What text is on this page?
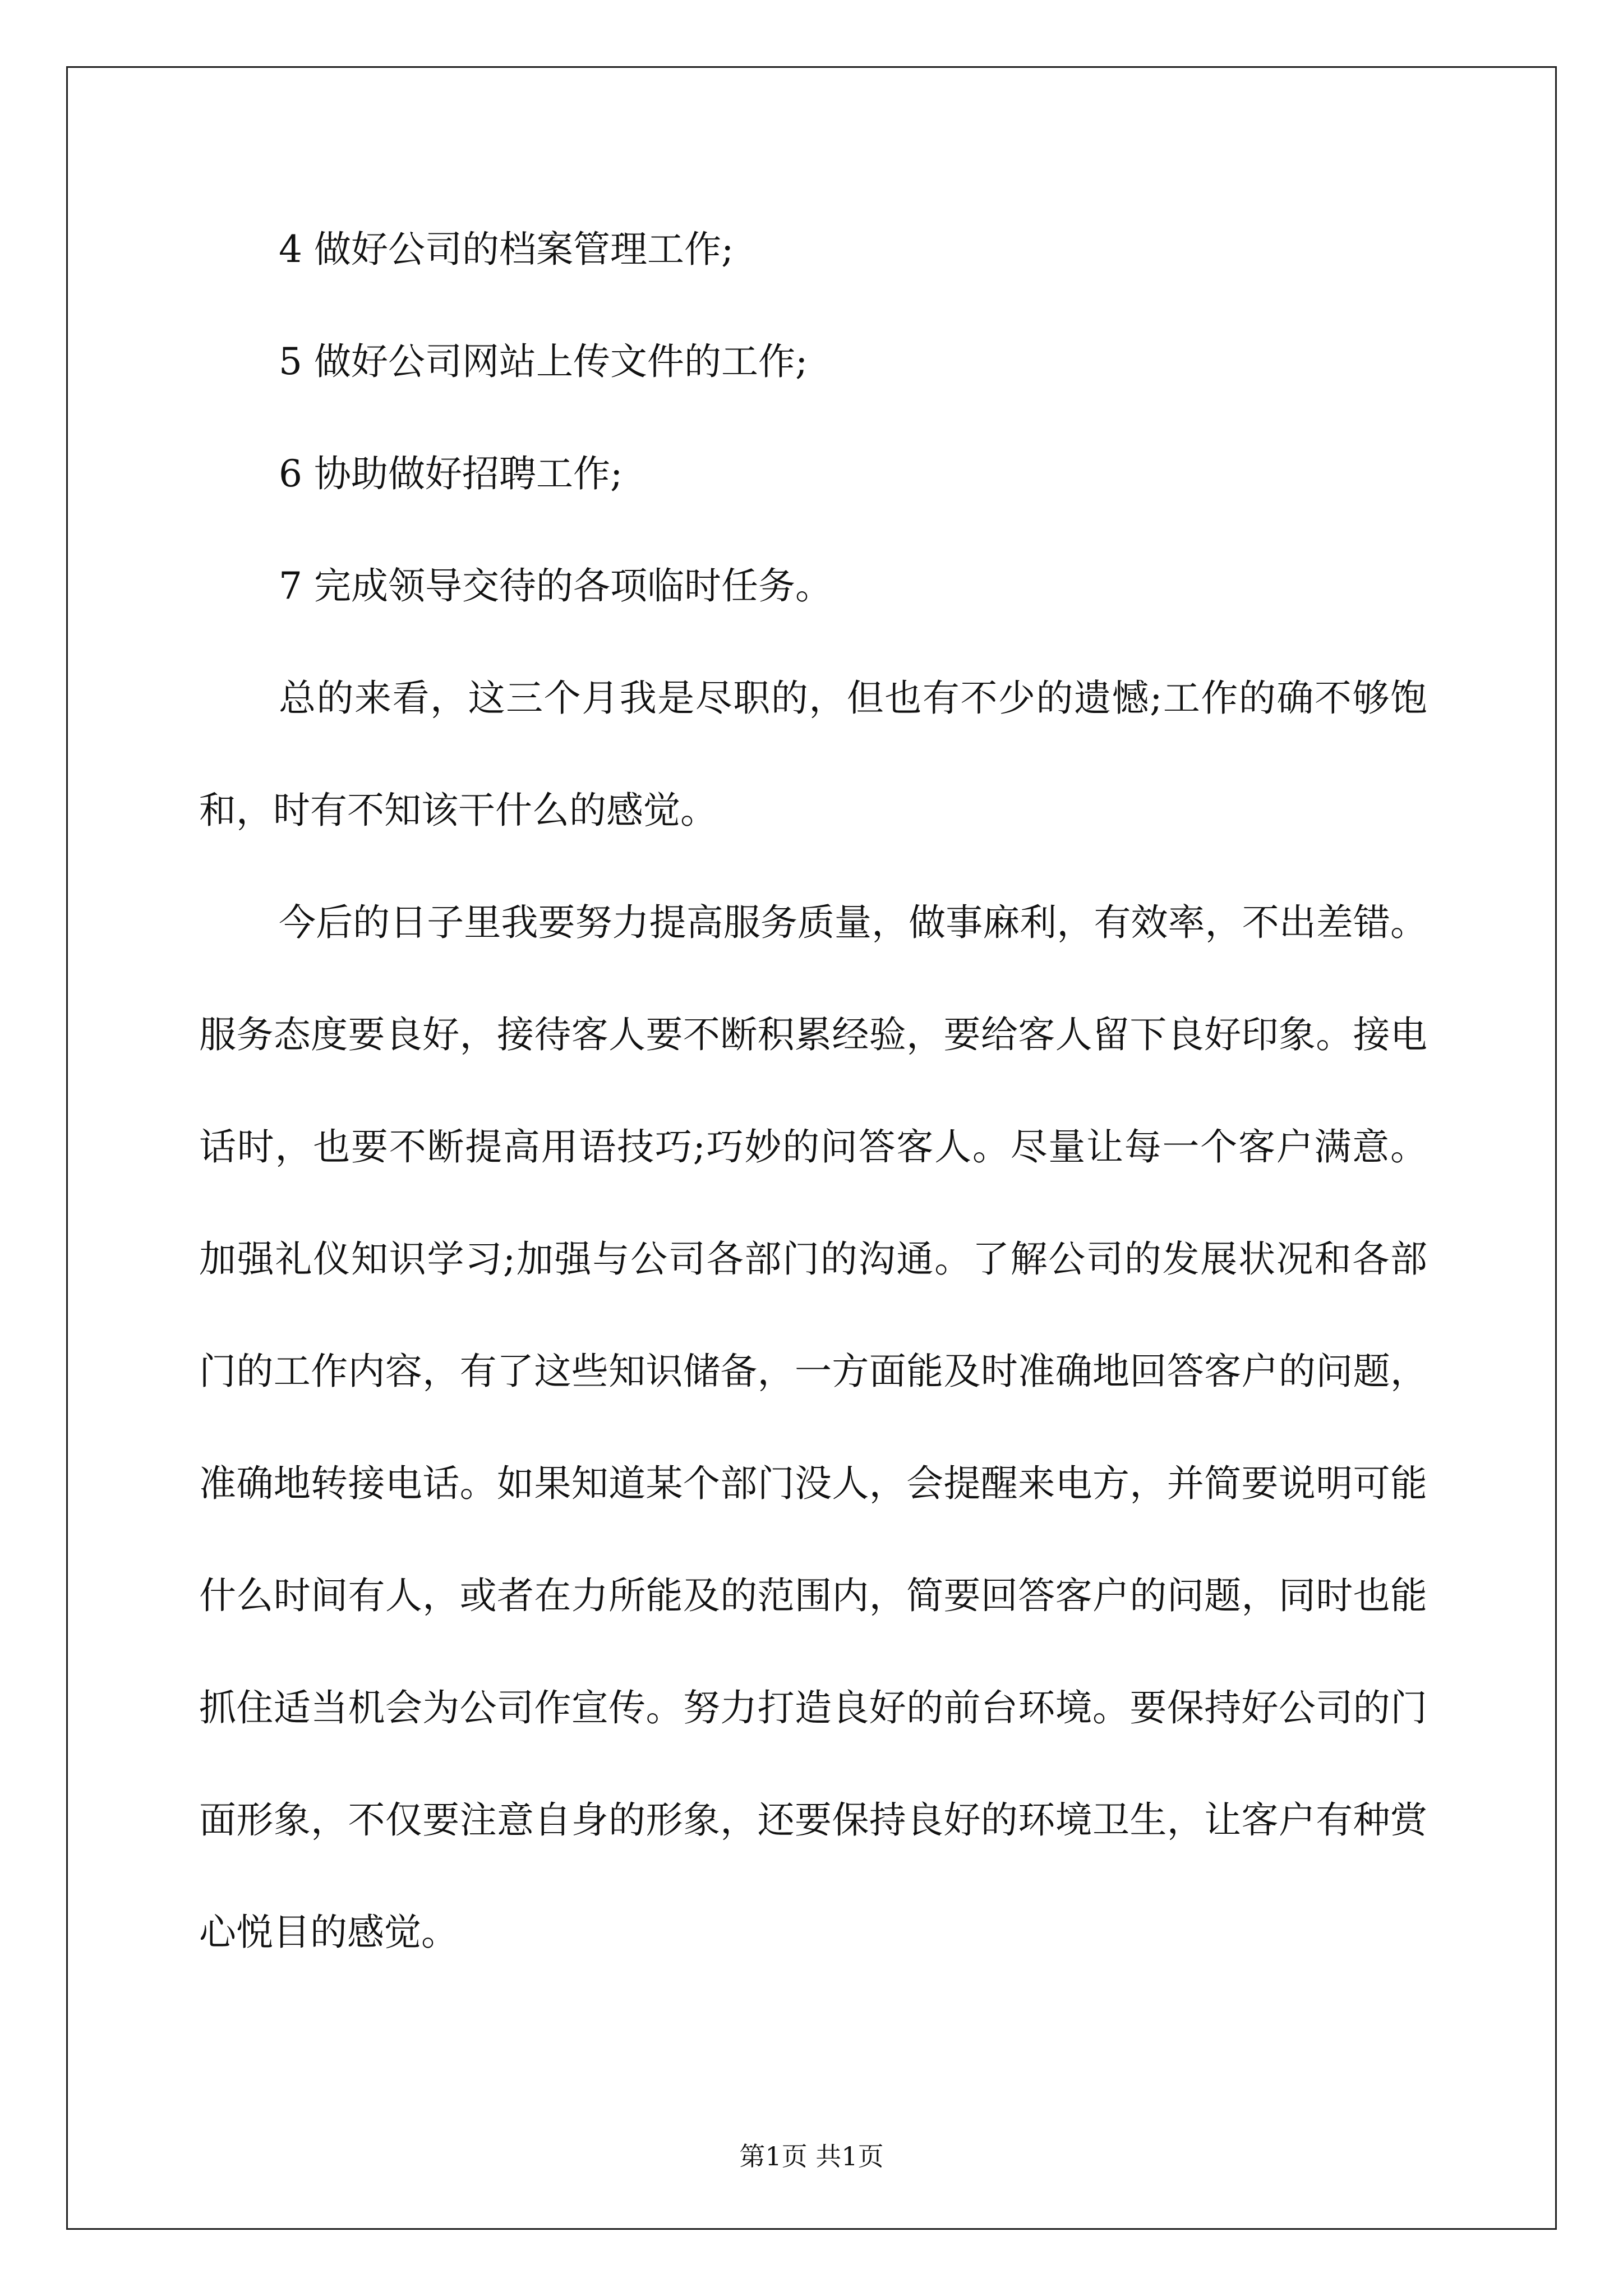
4 做好公司的档案管理工作;
5 做好公司网站上传文件的工作;
6 协助做好招聘工作;
7 完成领导交待的各项临时任务。

总的来看，这三个月我是尽职的，但也有不少的遗憾;工作的确不够饱和，时有不知该干什么的感觉。

今后的日子里我要努力提高服务质量，做事麻利，有效率，不出差错。服务态度要良好，接待客人要不断积累经验，要给客人留下良好印象。接电话时，也要不断提高用语技巧;巧妙的问答客人。尽量让每一个客户满意。加强礼仪知识学习;加强与公司各部门的沟通。了解公司的发展状况和各部门的工作内容，有了这些知识储备，一方面能及时准确地回答客户的问题，准确地转接电话。如果知道某个部门没人，会提醒来电方，并简要说明可能什么时间有人，或者在力所能及的范围内，简要回答客户的问题，同时也能抓住适当机会为公司作宣传。努力打造良好的前台环境。要保持好公司的门面形象，不仅要注意自身的形象，还要保持良好的环境卫生，让客户有种赏心悦目的感觉。

第1页 共1页
